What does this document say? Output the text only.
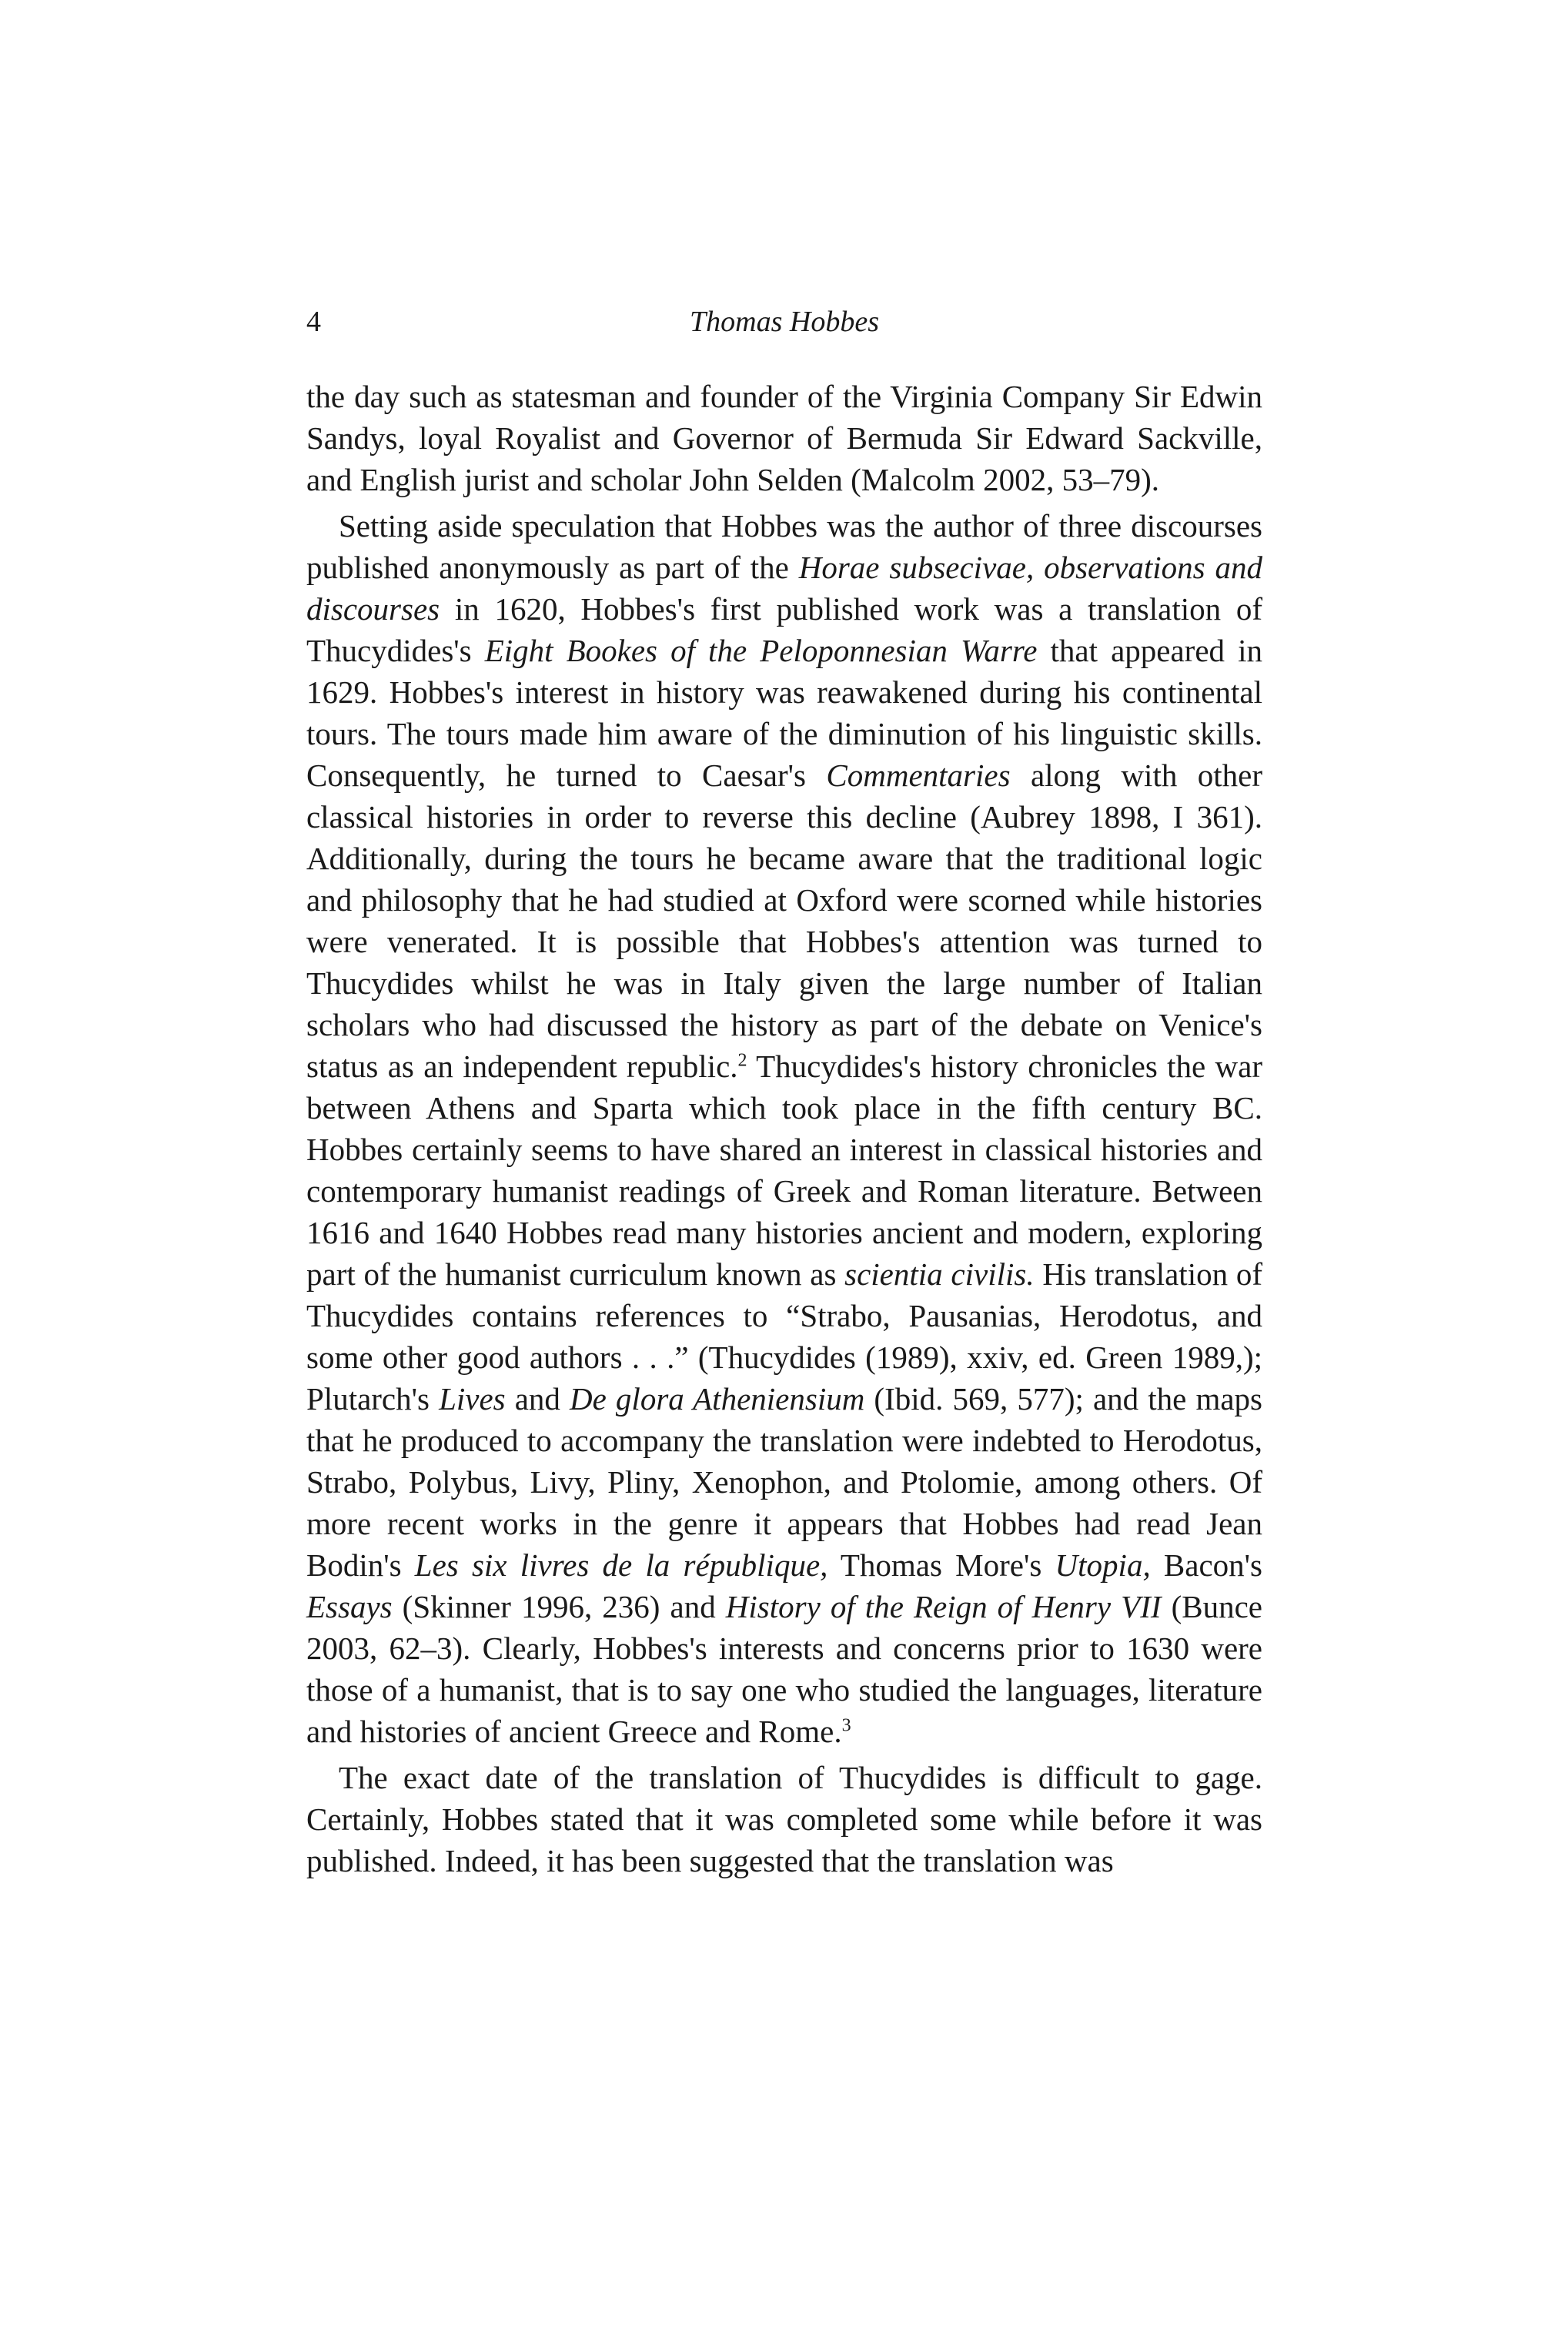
4	Thomas Hobbes

the day such as statesman and founder of the Virginia Company Sir Edwin Sandys, loyal Royalist and Governor of Bermuda Sir Edward Sackville, and English jurist and scholar John Selden (Malcolm 2002, 53–79).

Setting aside speculation that Hobbes was the author of three discourses published anonymously as part of the Horae subsecivae, observations and discourses in 1620, Hobbes's first published work was a translation of Thucydides's Eight Bookes of the Peloponnesian Warre that appeared in 1629. Hobbes's interest in history was reawakened during his continental tours. The tours made him aware of the diminution of his linguistic skills. Consequently, he turned to Caesar's Commentaries along with other classical histories in order to reverse this decline (Aubrey 1898, I 361). Additionally, during the tours he became aware that the traditional logic and philosophy that he had studied at Oxford were scorned while histories were venerated. It is possible that Hobbes's attention was turned to Thucydides whilst he was in Italy given the large number of Italian scholars who had discussed the history as part of the debate on Venice's status as an independent republic.$^2$ Thucydides's history chronicles the war between Athens and Sparta which took place in the fifth century BC. Hobbes certainly seems to have shared an interest in classical histories and contemporary humanist readings of Greek and Roman literature. Between 1616 and 1640 Hobbes read many histories ancient and modern, exploring part of the humanist curriculum known as scientia civilis. His translation of Thucydides contains references to “Strabo, Pausanias, Herodotus, and some other good authors . . .” (Thucydides (1989), xxiv, ed. Green 1989,); Plutarch's Lives and De glora Atheniensium (Ibid. 569, 577); and the maps that he produced to accompany the translation were indebted to Herodotus, Strabo, Polybus, Livy, Pliny, Xenophon, and Ptolomie, among others. Of more recent works in the genre it appears that Hobbes had read Jean Bodin's Les six livres de la république, Thomas More's Utopia, Bacon's Essays (Skinner 1996, 236) and History of the Reign of Henry VII (Bunce 2003, 62–3). Clearly, Hobbes's interests and concerns prior to 1630 were those of a humanist, that is to say one who studied the languages, literature and histories of ancient Greece and Rome.$^3$

The exact date of the translation of Thucydides is difficult to gage. Certainly, Hobbes stated that it was completed some while before it was published. Indeed, it has been suggested that the translation was
